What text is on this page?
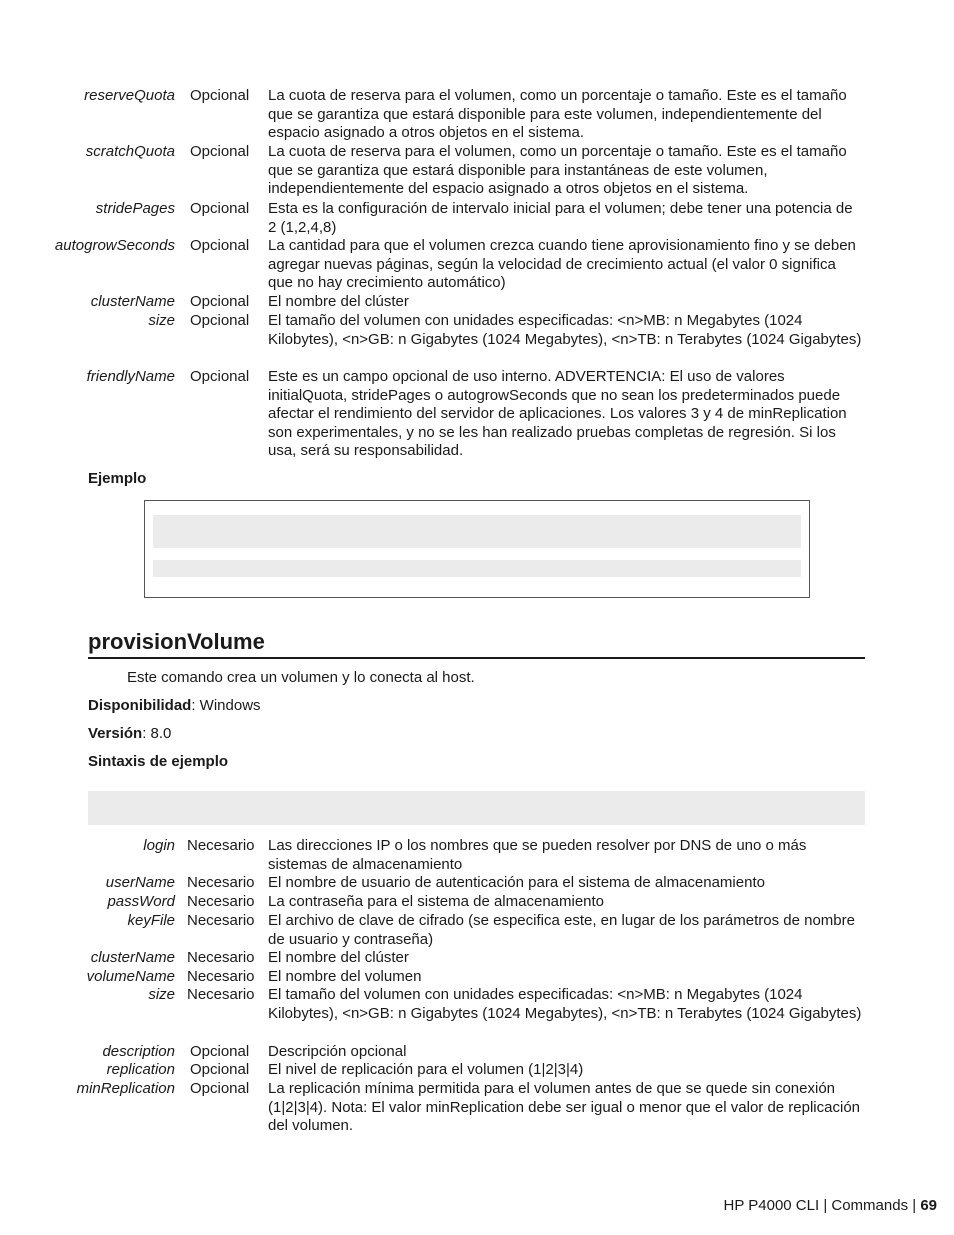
reserveQuota Opcional La cuota de reserva para el volumen, como un porcentaje o tamaño. Este es el tamaño que se garantiza que estará disponible para este volumen, independientemente del espacio asignado a otros objetos en el sistema.
scratchQuota Opcional La cuota de reserva para el volumen, como un porcentaje o tamaño. Este es el tamaño que se garantiza que estará disponible para instantáneas de este volumen, independientemente del espacio asignado a otros objetos en el sistema.
stridePages Opcional Esta es la configuración de intervalo inicial para el volumen; debe tener una potencia de 2 (1,2,4,8)
autogrowSeconds Opcional La cantidad para que el volumen crezca cuando tiene aprovisionamiento fino y se deben agregar nuevas páginas, según la velocidad de crecimiento actual (el valor 0 significa que no hay crecimiento automático)
clusterName Opcional El nombre del clúster
size Opcional El tamaño del volumen con unidades especificadas: <n>MB: n Megabytes (1024 Kilobytes), <n>GB: n Gigabytes (1024 Megabytes), <n>TB: n Terabytes (1024 Gigabytes)
friendlyName Opcional Este es un campo opcional de uso interno. ADVERTENCIA: El uso de valores initialQuota, stridePages o autogrowSeconds que no sean los predeterminados puede afectar el rendimiento del servidor de aplicaciones. Los valores 3 y 4 de minReplication son experimentales, y no se les han realizado pruebas completas de regresión. Si los usa, será su responsabilidad.
Ejemplo
provisionVolume
Este comando crea un volumen y lo conecta al host.
Disponibilidad: Windows
Versión: 8.0
Sintaxis de ejemplo
login Necesario Las direcciones IP o los nombres que se pueden resolver por DNS de uno o más sistemas de almacenamiento
userName Necesario El nombre de usuario de autenticación para el sistema de almacenamiento
passWord Necesario La contraseña para el sistema de almacenamiento
keyFile Necesario El archivo de clave de cifrado (se especifica este, en lugar de los parámetros de nombre de usuario y contraseña)
clusterName Necesario El nombre del clúster
volumeName Necesario El nombre del volumen
size Necesario El tamaño del volumen con unidades especificadas: <n>MB: n Megabytes (1024 Kilobytes), <n>GB: n Gigabytes (1024 Megabytes), <n>TB: n Terabytes (1024 Gigabytes)
description Opcional Descripción opcional
replication Opcional El nivel de replicación para el volumen (1|2|3|4)
minReplication Opcional La replicación mínima permitida para el volumen antes de que se quede sin conexión (1|2|3|4). Nota: El valor minReplication debe ser igual o menor que el valor de replicación del volumen.
HP P4000 CLI | Commands | 69
